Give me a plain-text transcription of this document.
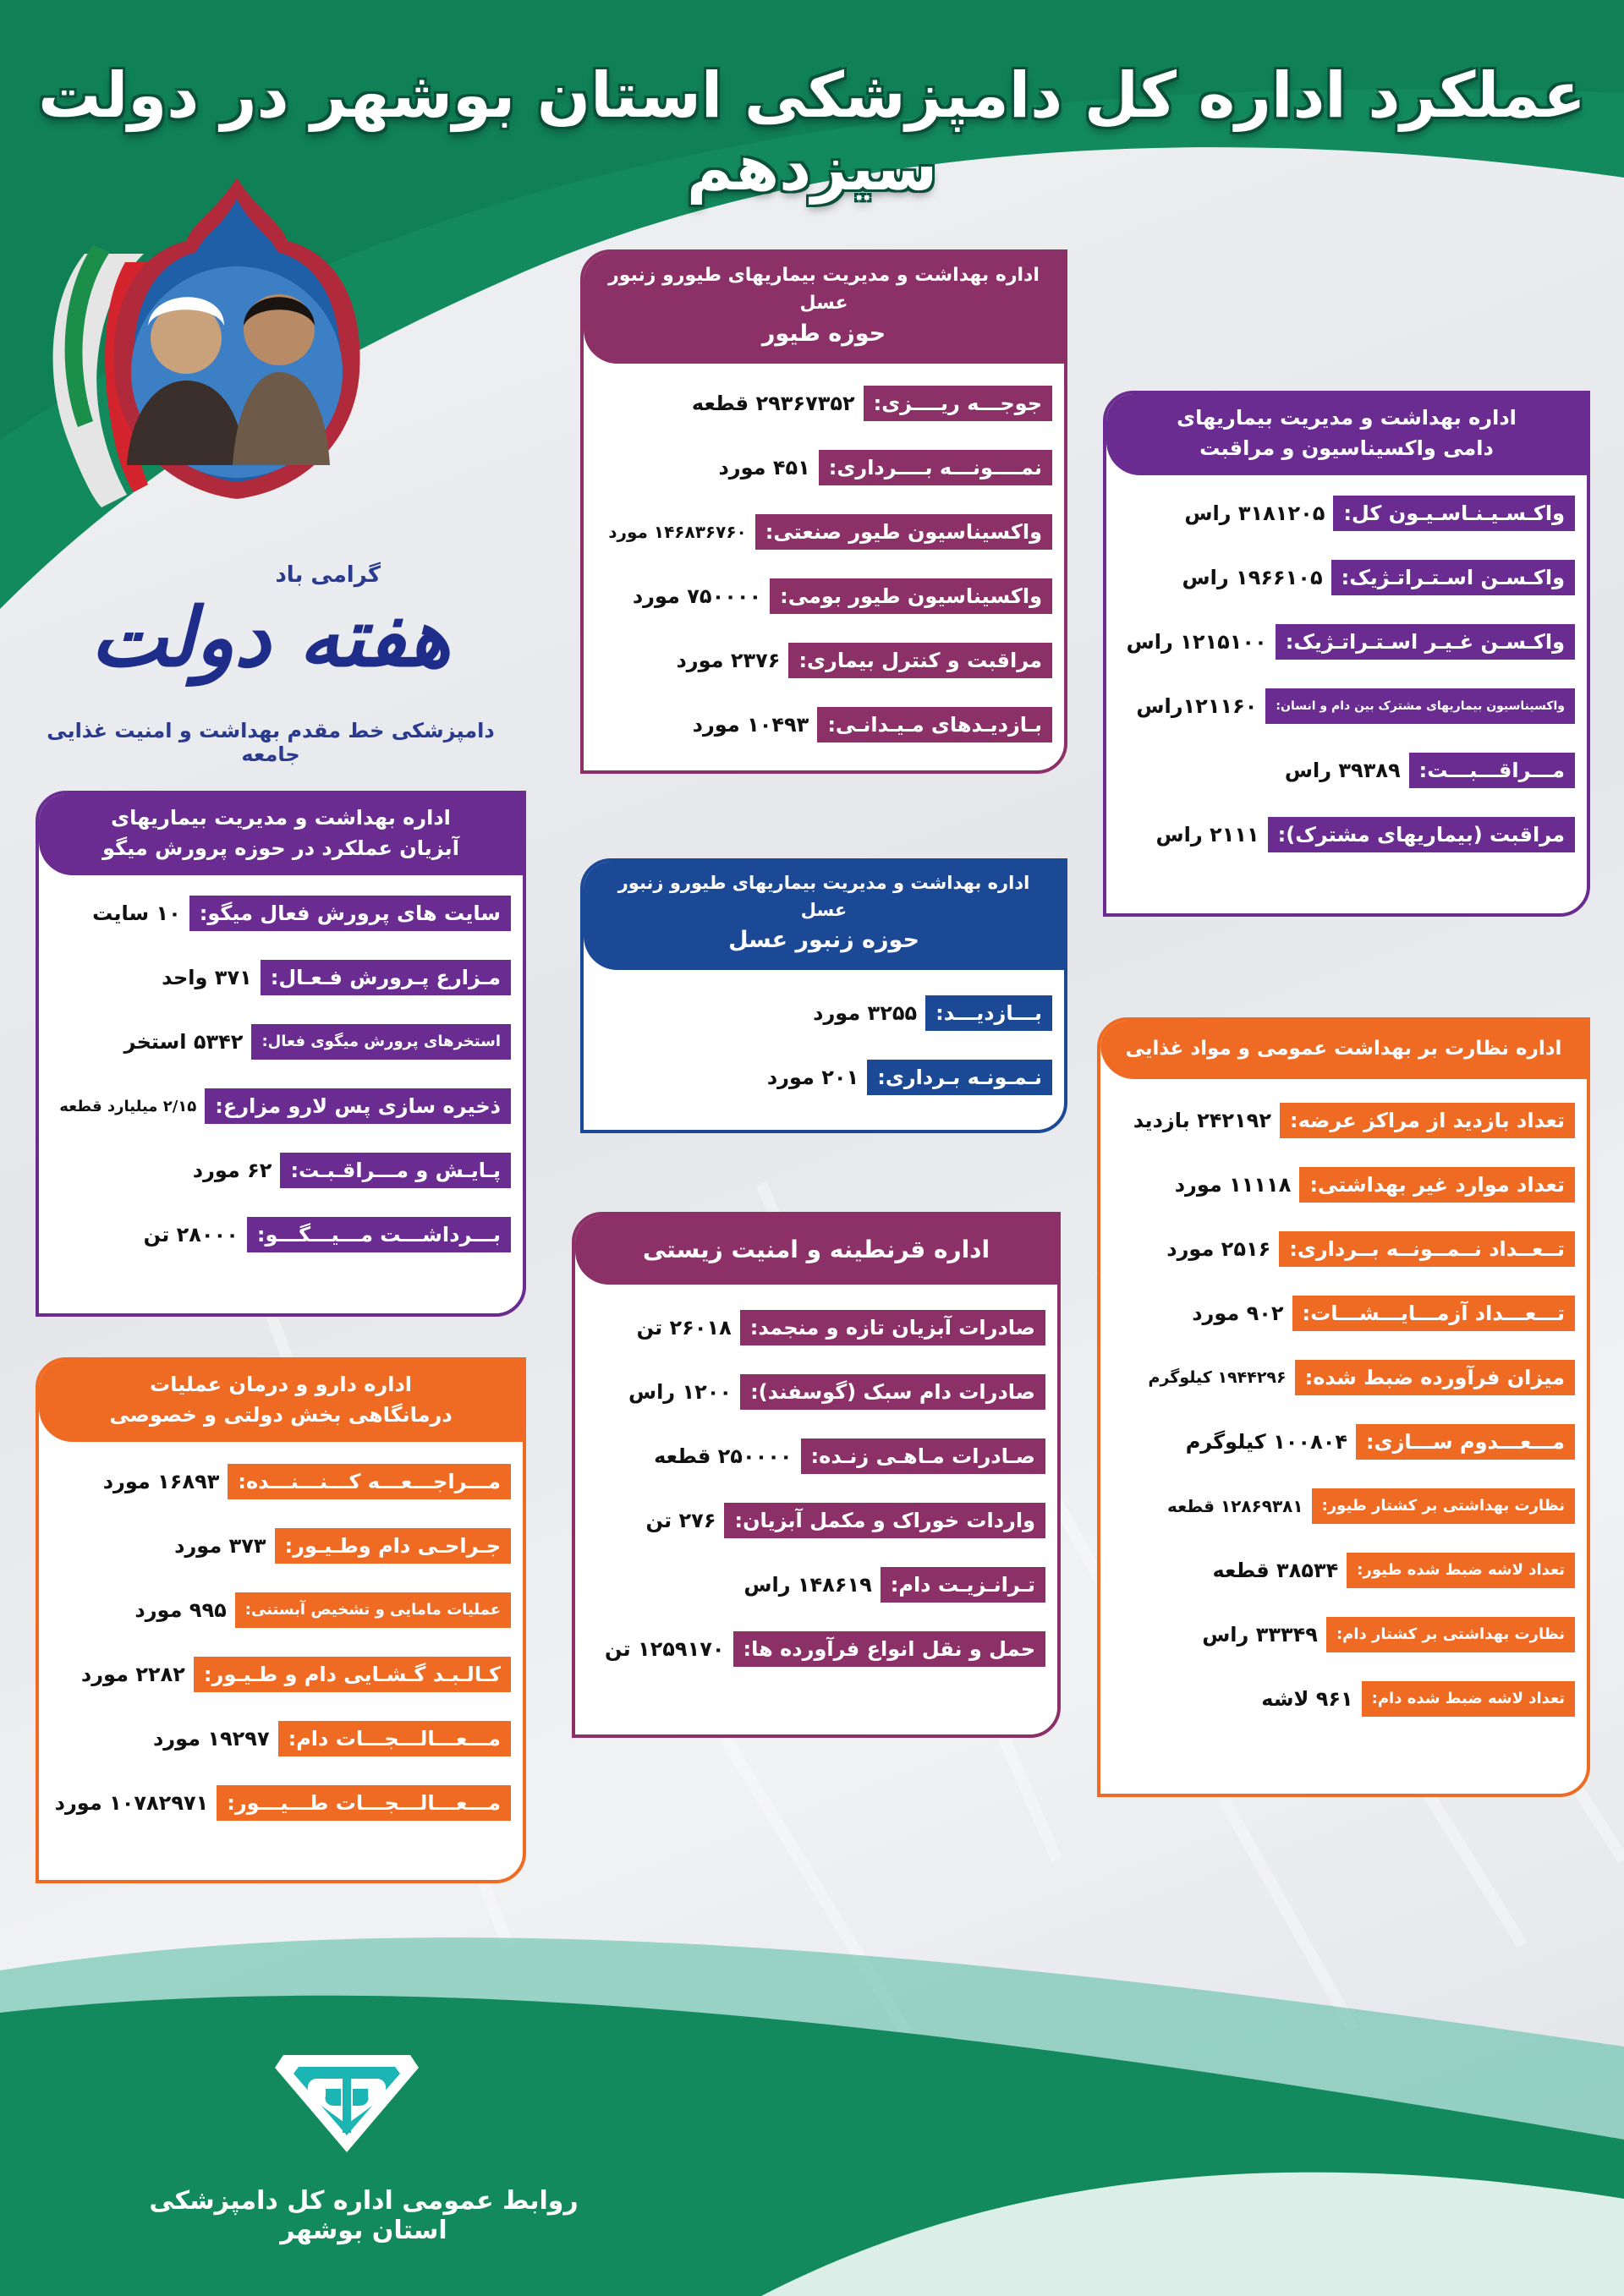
عملکرد اداره کل دامپزشکی استان بوشهر در دولت سیزدهم
گرامی باد
هفته دولت
دامپزشکی خط مقدم بهداشت و امنیت غذایی جامعه
اداره بهداشت و مدیریت بیماریهای طیورو زنبور عسل
حوزه طیور
جوجـــه ریــــزی:
۲۹۳۶۷۳۵۲ قطعه
نمــــونـــه بــــرداری:
۴۵۱ مورد
واکسیناسیون طیور صنعتی:
۱۴۶۸۳۶۷۶۰ مورد
واکسیناسیون طیور بومی:
۷۵۰۰۰۰ مورد
مراقبت و کنترل بیماری:
۲۳۷۶ مورد
بـازدیـدهای مـیـدانـی:
۱۰۴۹۳ مورد
اداره بهداشت و مدیریت بیماریهای
دامی واکسیناسیون و مراقبت
واکـسـیـنـاسـیـون کل:
۳۱۸۱۲۰۵ راس
واکـسـن اسـتـراتـژیک:
۱۹۶۶۱۰۵ راس
واکـسـن غـیـر اسـتـراتـژیک:
۱۲۱۵۱۰۰ راس
واکسیناسیون بیماریهای مشترک بین دام و انسان:
۱۲۱۱۶۰راس
مـــراقـــبـــت:
۳۹۳۸۹ راس
مراقبت (بیماریهای مشترک):
۲۱۱۱ راس
اداره بهداشت و مدیریت بیماریهای
آبزیان عملکرد در حوزه پرورش میگو
سایت های پرورش فعال میگو:
۱۰ سایت
مـزارع پـرورش فـعـال:
۳۷۱ واحد
استخرهای پرورش میگوی فعال:
۵۳۴۲ استخر
ذخیره سازی پس لارو مزارع:
۲/۱۵ میلیارد قطعه
پـایـش و مـــراقـبـت:
۶۲ مورد
بـــرداشـــت مـــیـــگـــو:
۲۸۰۰۰ تن
اداره بهداشت و مدیریت بیماریهای طیورو زنبور عسل
حوزه زنبور عسل
بـــازدیـــد:
۳۲۵۵ مورد
نـمـونـه بـرداری:
۲۰۱ مورد
اداره نظارت بر بهداشت عمومی و مواد غذایی
تعداد بازدید از مراکز عرضه:
۲۴۲۱۹۲ بازدید
تعداد موارد غیر بهداشتی:
۱۱۱۱۸ مورد
تــعــداد نــمــونــه بــرداری:
۲۵۱۶ مورد
تـــعـــداد آزمـــایـــشـــات:
۹۰۲ مورد
میزان فرآورده ضبط شده:
۱۹۴۴۲۹۶ کیلوگرم
مـــعـــدوم ســـازی:
۱۰۰۸۰۴ کیلوگرم
نظارت بهداشتی بر کشتار طیور:
۱۲۸۶۹۳۸۱ قطعه
تعداد لاشه ضبط شده طیور:
۳۸۵۳۴ قطعه
نظارت بهداشتی بر کشتار دام:
۳۳۳۴۹ راس
تعداد لاشه ضبط شده دام:
۹۶۱ لاشه
اداره قرنطینه و امنیت زیستی
صادرات آبزیان تازه و منجمد:
۲۶۰۱۸ تن
صادرات دام سبک (گوسفند):
۱۲۰۰ راس
صـادرات مـاهـی زنـده:
۲۵۰۰۰۰ قطعه
واردات خوراک و مکمل آبزیان:
۲۷۶ تن
تـرانـزیـت دام:
۱۴۸۶۱۹ راس
حمل و نقل انواع فرآورده ها:
۱۲۵۹۱۷۰ تن
اداره دارو و درمان عملیات
درمانگاهی بخش دولتی و خصوصی
مـــراجـــعـــه کـــنـــنـــده:
۱۶۸۹۳ مورد
جـراحـی دام وطـیـور:
۳۷۳ مورد
عملیات مامایی و تشخیص آبستنی:
۹۹۵ مورد
کـالـبـد گـشـایی دام و طـیـور:
۲۲۸۲ مورد
مـــعـــالـــجـــات دام:
۱۹۲۹۷ مورد
مـــعـــالـــجـــات طـــیـــور:
۱۰۷۸۲۹۷۱ مورد
روابط عمومی اداره کل دامپزشکی استان بوشهر
